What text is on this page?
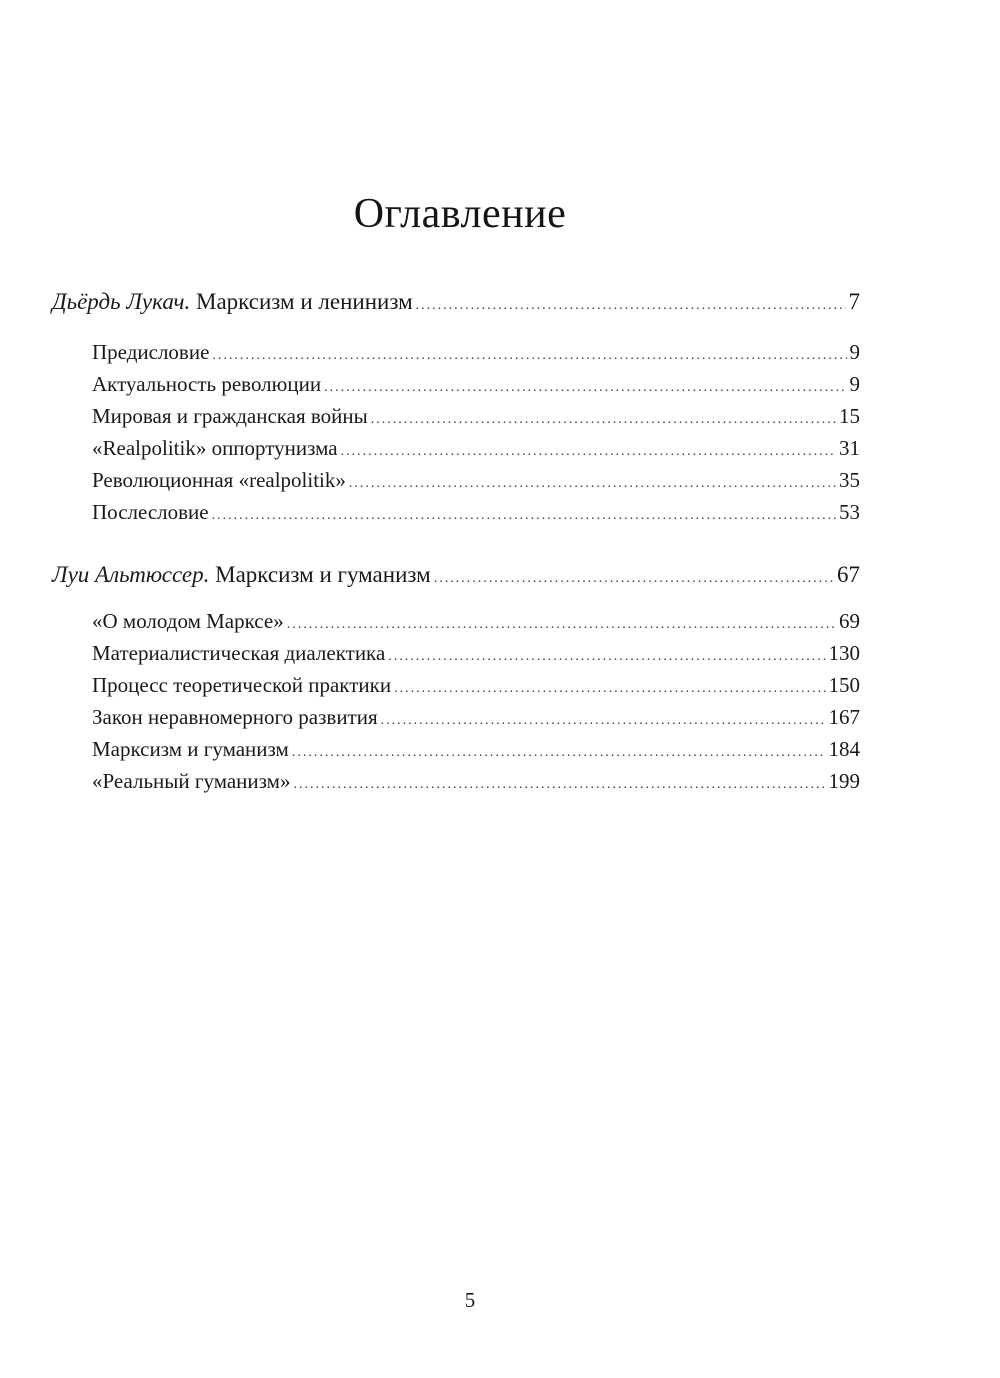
Оглавление
Дьёрдь Лукач.
Марксизм и ленинизм .....	7
Предисловие .....	9
Актуальность революции .....	9
Мировая и гражданская войны .....	15
«Realpolitik» оппортунизма .....	31
Революционная «realpolitik» .....	35
Послесловие .....	53
Луи Альтюссер.
Марксизм и гуманизм .....	67
«О молодом Марксе» .....	69
Материалистическая диалектика .....	130
Процесс теоретической практики .....	150
Закон неравномерного развития .....	167
Марксизм и гуманизм .....	184
«Реальный гуманизм» .....	199
5
